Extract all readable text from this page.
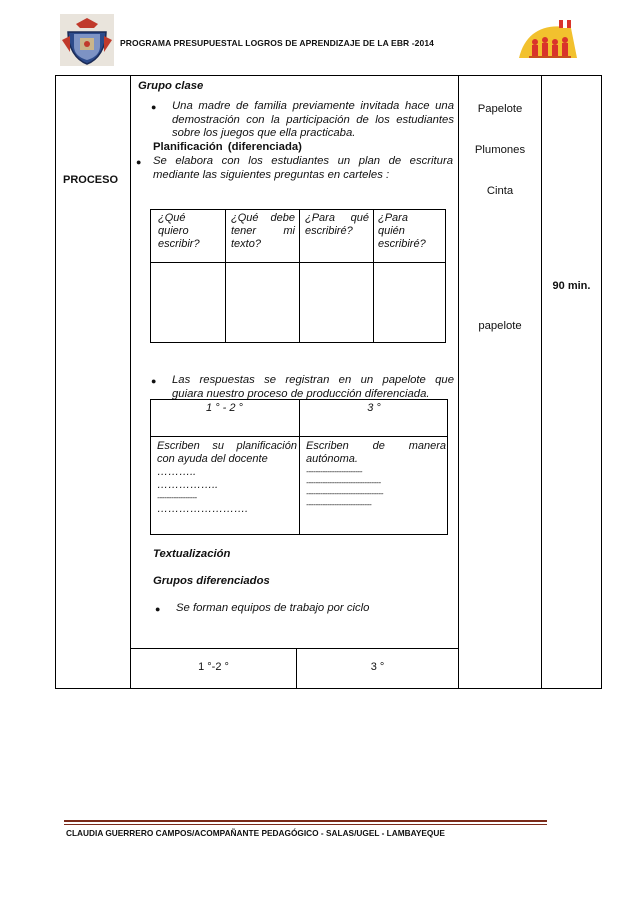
PROGRAMA PRESUPUESTAL LOGROS DE APRENDIZAJE DE LA EBR -2014
PROCESO
Grupo clase
● Una madre de familia previamente invitada hace una
demostración con la participación de los estudiantes
sobre los juegos que ella practicaba.
Planificación (diferenciada)
● Se elabora con los estudiantes un plan de escritura
mediante las siguientes preguntas en carteles :
¿Qué
quiero
escribir?
¿Qué debe
tener mi
texto?
¿Para qué
escribiré?
¿Para
quién
escribiré?
● Las respuestas se registran en un papelote que
guiara nuestro proceso de producción diferenciada.
1 ° - 2 °	3 °
Escriben su planificación
con ayuda del docente
………..
……………..
-----------------
…………………….
Escriben de manera
autónoma.
------------------------
--------------------------------
---------------------------------
----------------------------
Textualización
Grupos diferenciados
● Se forman equipos de trabajo por ciclo
1 °-2 °	3 °
Papelote
Plumones
Cinta
papelote
90 min.
CLAUDIA GUERRERO CAMPOS/ACOMPAÑANTE PEDAGÓGICO - SALAS/UGEL - LAMBAYEQUE
